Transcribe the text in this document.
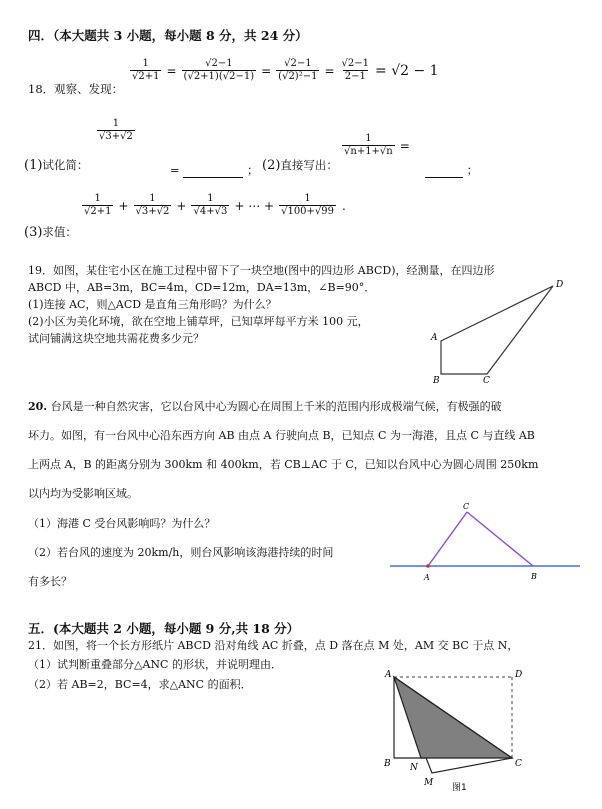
四．（本大题共 3 小题，每小题 8 分，共 24 分）
18．观察、发现：
$\frac{1}{√2+1} = \frac{√2-1}{(√2+1)(√2-1)} = \frac{√2-1}{\text{(√2)²−1}} = \frac{√2-1}{2-1} = √2 - 1$
$\frac{1}{√3+√2}$
(1)试化简：	=	； (2)直接写出：
$\frac{1}{√n+1+√n}$ =
；
(3)求值：
$\frac{1}{√2+1} + \frac{1}{√3+√2} + \frac{1}{√4+√3}$ + ⋯ + $\frac{1}{√100+√99}$ .
19．如图，某住宅小区在施工过程中留下了一块空地(图中的四边形 ABCD)，经测量，在四边形
ABCD 中，AB=3m，BC=4m，CD=12m，DA=13m，∠B=90°．
(1)连接 AC，则△ACD 是直角三角形吗？为什么？
(2)小区为美化环境，欲在空地上铺草坪，已知草坪每平方米 100 元，
试问铺满这块空地共需花费多少元？	A
B	C
D
20. 台风是一种自然灾害，它以台风中心为圆心在周围上千米的范围内形成极端气候，有极强的破
坏力。如图，有一台风中心沿东西方向 AB 由点 A 行驶向点 B，已知点 C 为一海港，且点 C 与直线 AB
上两点 A，B 的距离分别为 300km 和 400km，若 CB⊥AC 于 C，已知以台风中心为圆心周围 250km
以内均为受影响区域。
（1）海港 C 受台风影响吗？为什么？
（2）若台风的速度为 20km/h，则台风影响该海港持续的时间
有多长？	A	B
C
五．(本大题共 2 小题，每小题 9 分,共 18 分）
21．如图，将一个长方形纸片 ABCD 沿对角线 AC 折叠，点 D 落在点 M 处，AM 交 BC 于点 N，
（1）试判断重叠部分△ANC 的形状，并说明理由．
（2）若 AB=2，BC=4，求△ANC 的面积．
A
B	C
D
N
M 图1
